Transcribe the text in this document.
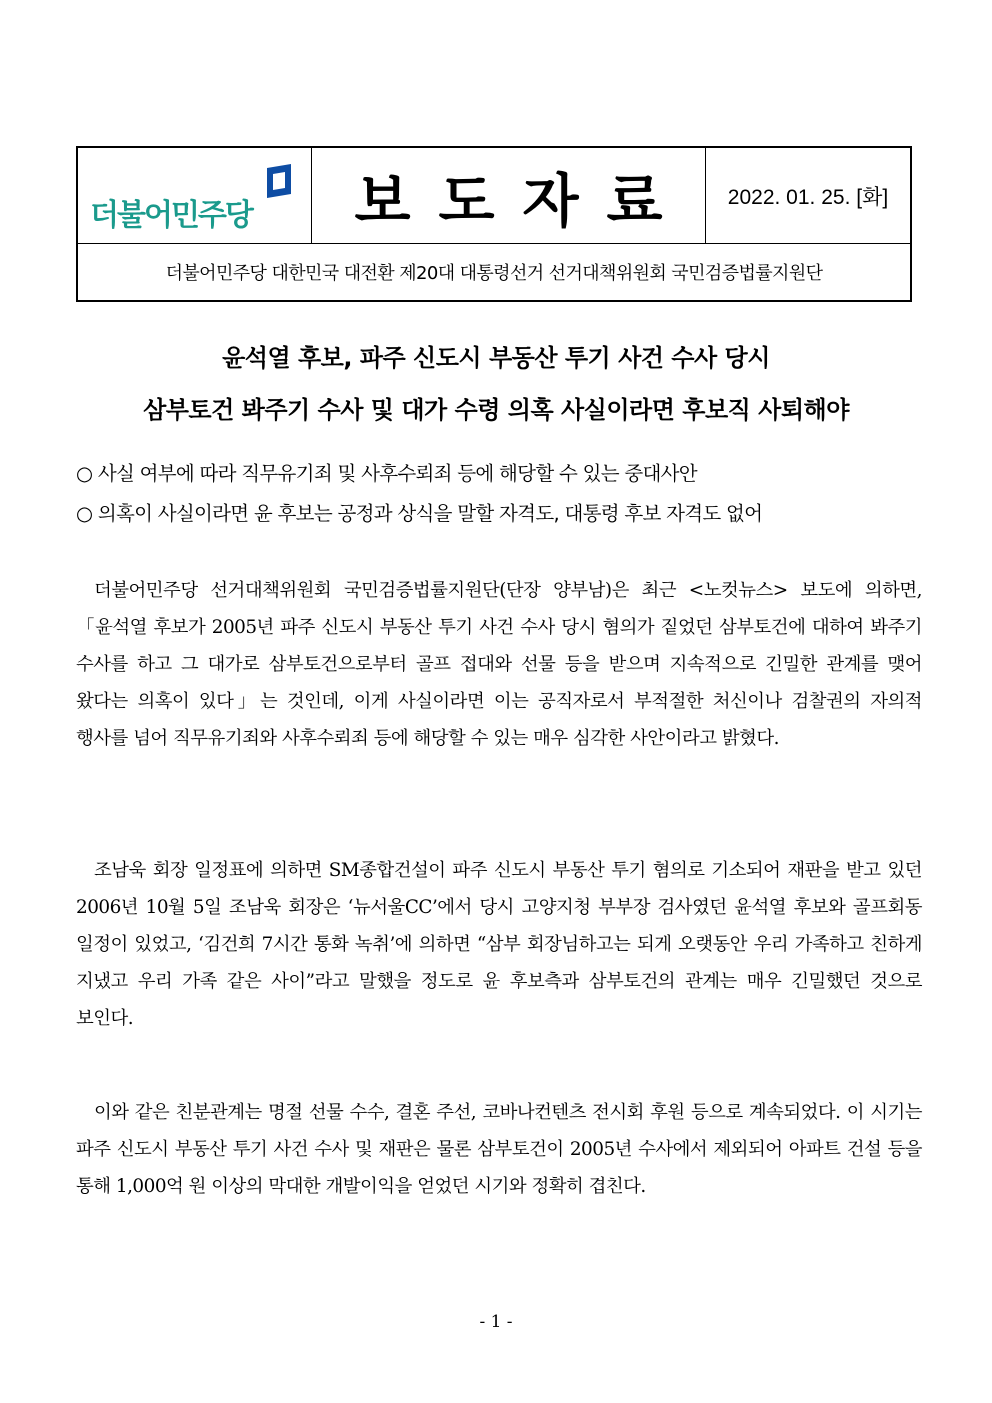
더불어민주당	보도자료 2022. 01. 25. [화]
더불어민주당 대한민국 대전환 제20대 대통령선거 선거대책위원회 국민검증법률지원단
윤석열 후보, 파주 신도시 부동산 투기 사건 수사 당시
삼부토건 봐주기 수사 및 대가 수령 의혹 사실이라면 후보직 사퇴해야
○ 사실 여부에 따라 직무유기죄 및 사후수뢰죄 등에 해당할 수 있는 중대사안
○ 의혹이 사실이라면 윤 후보는 공정과 상식을 말할 자격도, 대통령 후보 자격도 없어

더불어민주당 선거대책위원회 국민검증법률지원단(단장 양부남)은 최근 <노컷뉴스> 보도에 의하면,「윤석열 후보가 2005년 파주 신도시 부동산 투기 사건 수사 당시 혐의가 짙었던 삼부토건에 대하여 봐주기 수사를 하고 그 대가로 삼부토건으로부터 골프 접대와 선물 등을 받으며 지속적으로 긴밀한 관계를 맺어 왔다는 의혹이 있다」는 것인데, 이게 사실이라면 이는 공직자로서 부적절한 처신이나 검찰권의 자의적 행사를 넘어 직무유기죄와 사후수뢰죄 등에 해당할 수 있는 매우 심각한 사안이라고 밝혔다.

조남욱 회장 일정표에 의하면 SM종합건설이 파주 신도시 부동산 투기 혐의로 기소되어 재판을 받고 있던 2006년 10월 5일 조남욱 회장은 ‘뉴서울CC’에서 당시 고양지청 부부장 검사였던 윤석열 후보와 골프회동 일정이 있었고, ‘김건희 7시간 통화 녹취’에 의하면 “삼부 회장님하고는 되게 오랫동안 우리 가족하고 친하게 지냈고 우리 가족 같은 사이”라고 말했을 정도로 윤 후보측과 삼부토건의 관계는 매우 긴밀했던 것으로 보인다.

이와 같은 친분관계는 명절 선물 수수, 결혼 주선, 코바나컨텐츠 전시회 후원 등으로 계속되었다. 이 시기는 파주 신도시 부동산 투기 사건 수사 및 재판은 물론 삼부토건이 2005년 수사에서 제외되어 아파트 건설 등을 통해 1,000억 원 이상의 막대한 개발이익을 얻었던 시기와 정확히 겹친다.

- 1 -
